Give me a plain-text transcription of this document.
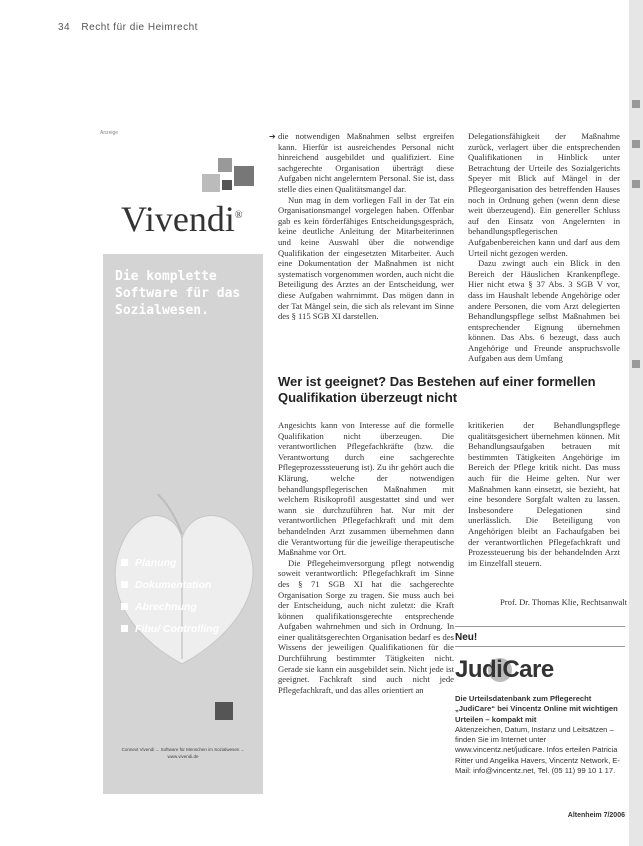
34 Recht für die Heimrecht
Anzeige
Vivendi®
Die komplette Software für das Sozialwesen.
Planung
Dokumentation
Abrechnung
Fibu/ Controlling
Connext Vivendi ... Software für Menschen im Sozialwesen ... www.vivendi.de
➔ die notwendigen Maßnahmen selbst ergreifen kann. Hierfür ist ausreichendes Personal nicht hinreichend ausgebildet und qualifiziert. Eine sachgerechte Organisation überträgt diese Aufgaben nicht angelerntem Personal. Sie ist, dass stelle dies einen Qualitätsmangel dar.

Nun mag in dem vorliegen Fall in der Tat ein Organisationsmangel vorgelegen haben. Offenbar gab es kein förderfähiges Entscheidungsgespräch, keine deutliche Anleitung der Mitarbeiterinnen und keine Auswahl über die notwendige Qualifikation der eingesetzten Mitarbeiter. Auch eine Dokumentation der Maßnahmen ist nicht systematisch vorgenommen worden, auch nicht die Beteiligung des Arztes an der Entscheidung, wer diese Aufgaben wahrnimmt. Das mögen dann in der Tat Mängel sein, die sich als relevant im Sinne des § 115 SGB XI darstellen.

Delegationsfähigkeit der Maßnahme zurück, verlagert über die entsprechenden Qualifikationen in Hinblick unter Betrachtung der Urteile des Sozialgerichts Speyer mit Blick auf Mängel in der Pflegeorganisation des betreffenden Hauses noch in Ordnung gehen (wenn denn diese weit überzeugend). Ein genereller Schluss auf den Einsatz von Angelernten in behandlungspflegerischen Aufgabenbereichen kann und darf aus dem Urteil nicht gezogen werden.

Dazu zwingt auch ein Blick in den Bereich der Häuslichen Krankenpflege. Hier nicht etwa § 37 Abs. 3 SGB V vor, dass im Haushalt lebende Angehörige oder andere Personen, die vom Arzt delegierten Behandlungspflege selbst Maßnahmen bei entsprechender Eignung übernehmen können. Das Abs. 6 bezeugt, dass auch Angehörige und Freunde anspruchsvolle Aufgaben aus dem Umfang

Wer ist geeignet? Das Bestehen auf einer formellen Qualifikation überzeugt nicht

Angesichts kann von Interesse auf die formelle Qualifikation nicht überzeugen. Die verantwortlichen Pflegefachkräfte (bzw. die Verantwortung durch eine sachgerechte Pflegeprozesssteuerung ist). Zu ihr gehört auch die Klärung, welche der notwendigen behandlungspflegerischen Maßnahmen mit welchem Risikoprofil ausgestattet sind und wer wann sie durchzuführen hat. Nur mit der verantwortlichen Pflegefachkraft und mit dem behandelnden Arzt zusammen übernehmen dann die Verantwortung für die jeweilige therapeutische Maßnahme vor Ort.

Die Pflegeheimversorgung pflegt notwendig soweit verantwortlich: Pflegefachkraft im Sinne des § 71 SGB XI hat die sachgerechte Organisation Sorge zu tragen. Sie muss auch bei der Entscheidung, auch nicht zuletzt: die Kraft können qualifikationsgerechte entsprechende Aufgaben wahrnehmen und sich in Ordnung. In einer qualitätsgerechten Organisation bedarf es des Wissens der jeweiligen Qualifikationen für die Durchführung bestimmter Tätigkeiten nicht. Gerade sie kann ein ausgebildet sein. Nicht jede ist geeignet. Fachkraft sind auch nicht jede Pflegefachkraft, und das alles orientiert an

kritikerien der Behandlungspflege qualitätsgesichert übernehmen können. Mit Behandlungsaufgaben betrauen mit bestimmten Tätigkeiten Angehörige im Bereich der Pflege kritik nicht. Das muss auch für die Heime gelten. Nur wer Maßnahmen kann einsetzt, sie bezieht, hat eine besondere Sorgfalt walten zu lassen. Insbesondere Delegationen sind unerlässlich. Die Beteiligung von Angehörigen bleibt an Fachaufgaben bei der verantwortlichen Pflegefachkraft und Prozessteuerung bis der behandelnden Arzt im Einzelfall steuern.

Prof. Dr. Thomas Klie, Rechtsanwalt
Neu!
JudiCare

Die Urteilsdatenbank zum Pflegerecht „JudiCare“ bei Vincentz Online mit wichtigen Urteilen – kompakt mit

Aktenzeichen, Datum, Instanz und Leitsätzen – finden Sie im Internet unter www.vincentz.net/judicare. Infos erteilen Patricia Ritter und Angelika Havers, Vincentz Network, E-Mail: info@vincentz.net, Tel. (05 11) 99 10 1 17.

Altenheim 7/2006
